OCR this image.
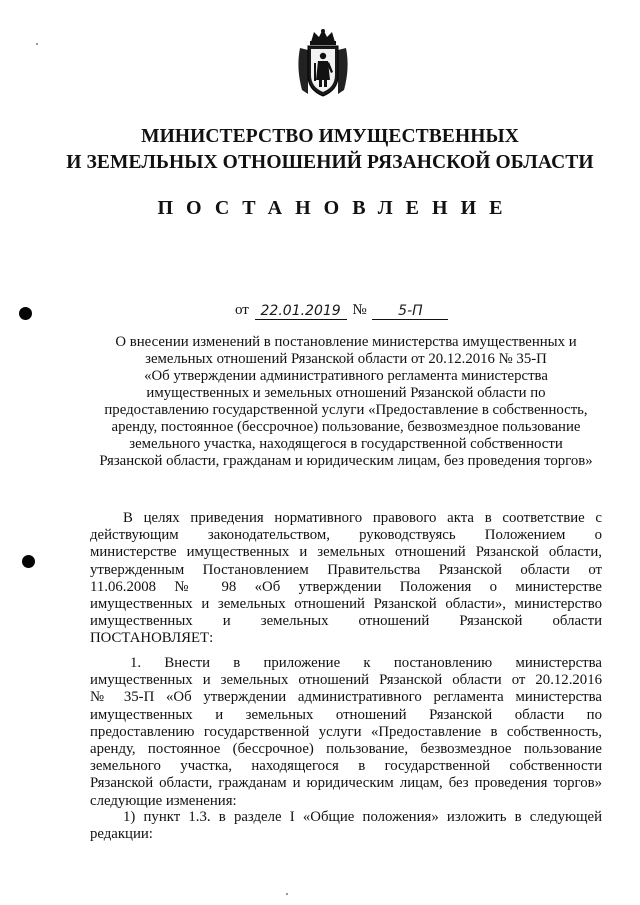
МИНИСТЕРСТВО ИМУЩЕСТВЕННЫХ
И ЗЕМЕЛЬНЫХ ОТНОШЕНИЙ РЯЗАНСКОЙ ОБЛАСТИ
ПОСТАНОВЛЕНИЕ
от 22.01.2019 № 5-П
О внесении изменений в постановление министерства имущественных и
земельных отношений Рязанской области от 20.12.2016 № 35-П
«Об утверждении административного регламента министерства
имущественных и земельных отношений Рязанской области по
предоставлению государственной услуги «Предоставление в собственность,
аренду, постоянное (бессрочное) пользование, безвозмездное пользование
земельного участка, находящегося в государственной собственности
Рязанской области, гражданам и юридическим лицам, без проведения торгов»
В целях приведения нормативного правового акта в соответствие с
действующим законодательством, руководствуясь Положением о
министерстве имущественных и земельных отношений Рязанской области,
утвержденным Постановлением Правительства Рязанской области от
11.06.2008 № 98 «Об утверждении Положения о министерстве
имущественных и земельных отношений Рязанской области», министерство
имущественных и земельных отношений Рязанской области
ПОСТАНОВЛЯЕТ:
1. Внести в приложение к постановлению министерства
имущественных и земельных отношений Рязанской области от 20.12.2016
№ 35-П «Об утверждении административного регламента министерства
имущественных и земельных отношений Рязанской области по
предоставлению государственной услуги «Предоставление в собственность,
аренду, постоянное (бессрочное) пользование, безвозмездное пользование
земельного участка, находящегося в государственной собственности
Рязанской области, гражданам и юридическим лицам, без проведения торгов»
следующие изменения:
1) пункт 1.3. в разделе I «Общие положения» изложить в следующей
редакции:
